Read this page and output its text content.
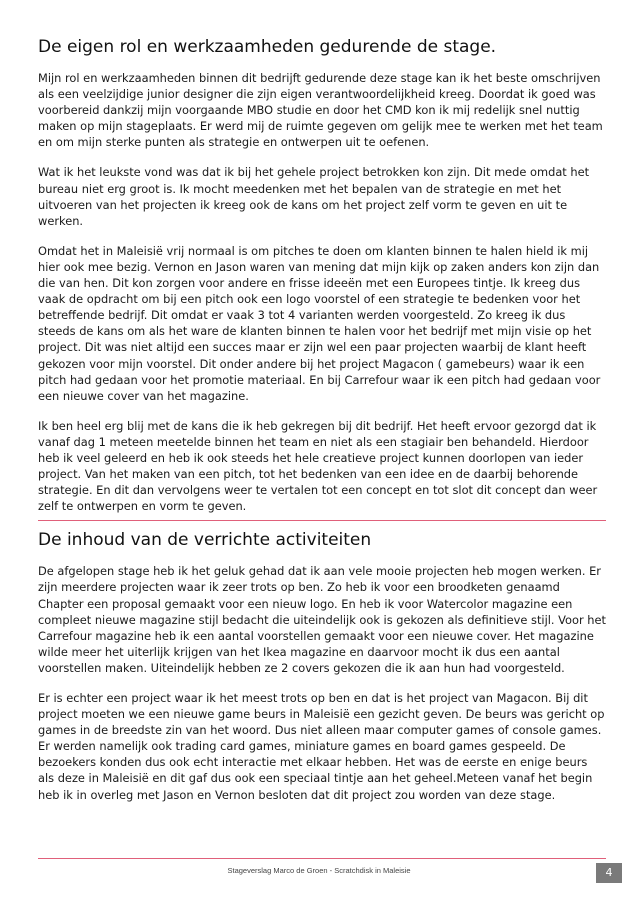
De eigen rol en werkzaamheden gedurende de stage.

Mijn rol en werkzaamheden binnen dit bedrijft gedurende deze stage kan ik het beste omschrijven als een veelzijdige junior designer die zijn eigen verantwoordelijkheid kreeg. Doordat ik goed was voorbereid dankzij mijn voorgaande MBO studie en door het CMD kon ik mij redelijk snel nuttig maken op mijn stageplaats. Er werd mij de ruimte gegeven om gelijk mee te werken met het team en om mijn sterke punten als strategie en ontwerpen uit te oefenen.

Wat ik het leukste vond was dat ik bij het gehele project betrokken kon zijn. Dit mede omdat het bureau niet erg groot is. Ik mocht meedenken met het bepalen van de strategie en met het uitvoeren van het projecten ik kreeg ook de kans om het project zelf vorm te geven en uit te werken.

Omdat het in Maleisië vrij normaal is om pitches te doen om klanten binnen te halen hield ik mij hier ook mee bezig. Vernon en Jason waren van mening dat mijn kijk op zaken anders kon zijn dan die van hen. Dit kon zorgen voor andere en frisse ideeën met een Europees tintje. Ik kreeg dus vaak de opdracht om bij een pitch ook een logo voorstel of een strategie te bedenken voor het betreffende bedrijf. Dit omdat er vaak 3 tot 4 varianten werden voorgesteld. Zo kreeg ik dus steeds de kans om als het ware de klanten binnen te halen voor het bedrijf met mijn visie op het project. Dit was niet altijd een succes maar er zijn wel een paar projecten waarbij de klant heeft gekozen voor mijn voorstel. Dit onder andere bij het project Magacon ( gamebeurs) waar ik een pitch had gedaan voor het promotie materiaal. En bij Carrefour waar ik een pitch had gedaan voor een nieuwe cover van het magazine.

Ik ben heel erg blij met de kans die ik heb gekregen bij dit bedrijf. Het heeft ervoor gezorgd dat ik vanaf dag 1 meteen meetelde binnen het team en niet als een stagiair ben behandeld. Hierdoor heb ik veel geleerd en heb ik ook steeds het hele creatieve project kunnen doorlopen van ieder project. Van het maken van een pitch, tot het bedenken van een idee en de daarbij behorende strategie. En dit dan vervolgens weer te vertalen tot een concept en tot slot dit concept dan weer zelf te ontwerpen en vorm te geven.

De inhoud van de verrichte activiteiten

De afgelopen stage heb ik het geluk gehad dat ik aan vele mooie projecten heb mogen werken. Er zijn meerdere projecten waar ik zeer trots op ben. Zo heb ik voor een broodketen genaamd Chapter een proposal gemaakt voor een nieuw logo. En heb ik voor Watercolor magazine een compleet nieuwe magazine stijl bedacht die uiteindelijk ook is gekozen als definitieve stijl. Voor het Carrefour magazine heb ik een aantal voorstellen gemaakt voor een nieuwe cover. Het magazine wilde meer het uiterlijk krijgen van het Ikea magazine en daarvoor mocht ik dus een aantal voorstellen maken. Uiteindelijk hebben ze 2 covers gekozen die ik aan hun had voorgesteld.

Er is echter een project waar ik het meest trots op ben en dat is het project van Magacon. Bij dit project moeten we een nieuwe game beurs in Maleisië een gezicht geven. De beurs was gericht op games in de breedste zin van het woord. Dus niet alleen maar computer games of console games. Er werden namelijk ook trading card games, miniature games en board games gespeeld. De bezoekers konden dus ook echt interactie met elkaar hebben. Het was de eerste en enige beurs als deze in Maleisië en dit gaf dus ook een speciaal tintje aan het geheel.Meteen vanaf het begin heb ik in overleg met Jason en Vernon besloten dat dit project zou worden van deze stage.

Stageverslag Marco de Groen - Scratchdisk in Maleisie	4
